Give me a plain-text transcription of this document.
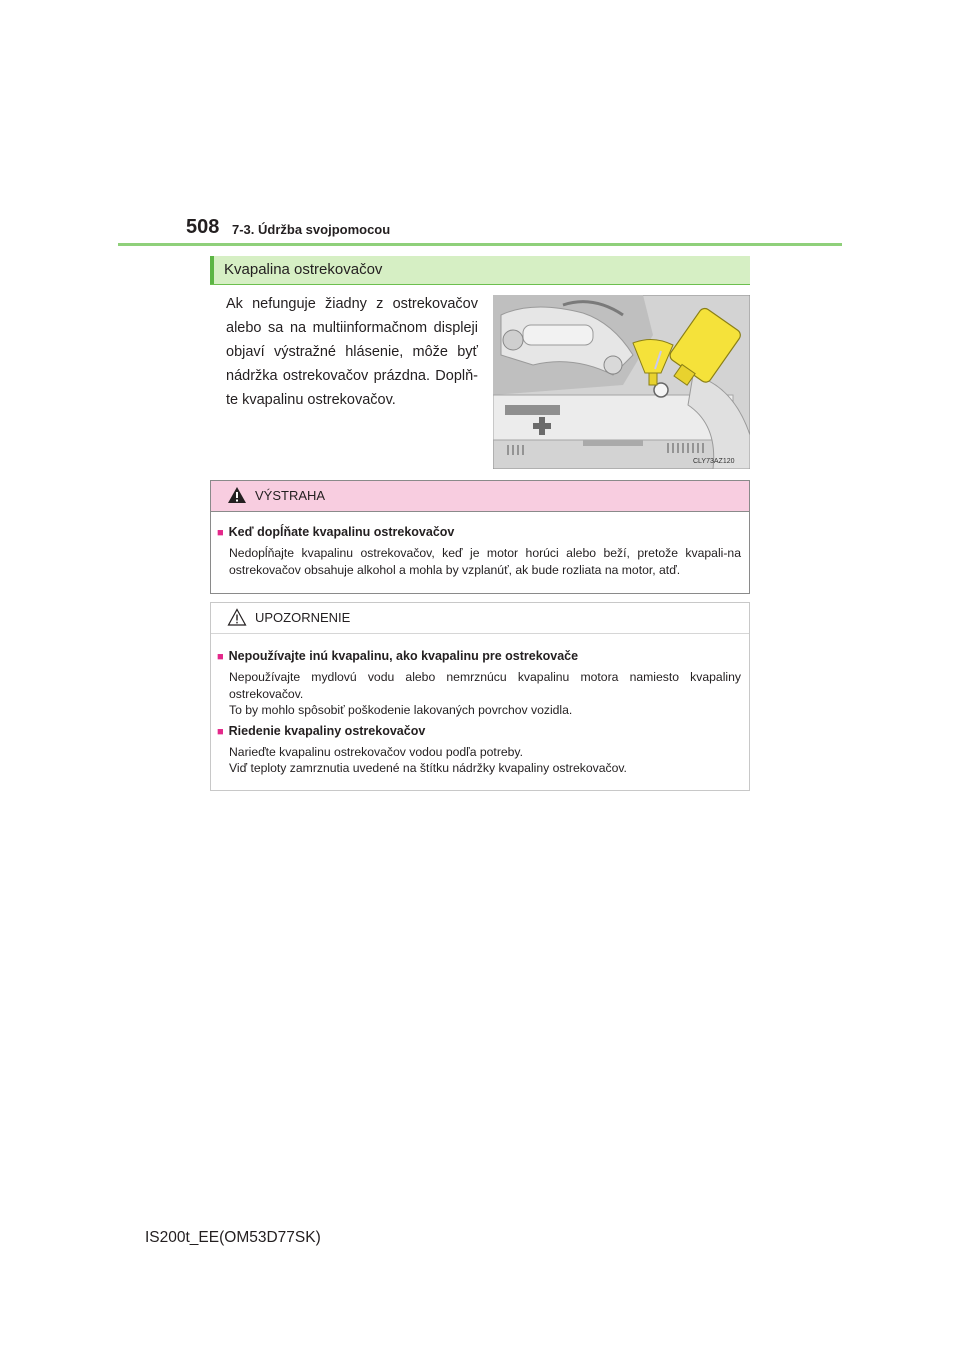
508 7-3. Údržba svojpomocou
Kvapalina ostrekovačov

Ak nefunguje žiadny z ostrekovačov alebo sa na multiinformačnom displeji objaví výstražné hlásenie, môže byť nádržka ostrekovačov prázdna. Doplň-te kvapalinu ostrekovačov.

CLY73AZ120
VÝSTRAHA
■ Keď dopĺňate kvapalinu ostrekovačov

Nedopĺňajte kvapalinu ostrekovačov, keď je motor horúci alebo beží, pretože kvapali-na ostrekovačov obsahuje alkohol a mohla by vzplanúť, ak bude rozliata na motor, atď.

UPOZORNENIE
■ Nepoužívajte inú kvapalinu, ako kvapalinu pre ostrekovače

Nepoužívajte mydlovú vodu alebo nemrznúcu kvapalinu motora namiesto kvapaliny ostrekovačov.

To by mohlo spôsobiť poškodenie lakovaných povrchov vozidla.

■ Riedenie kvapaliny ostrekovačov

Narieďte kvapalinu ostrekovačov vodou podľa potreby.

Viď teploty zamrznutia uvedené na štítku nádržky kvapaliny ostrekovačov.

IS200t_EE(OM53D77SK)
